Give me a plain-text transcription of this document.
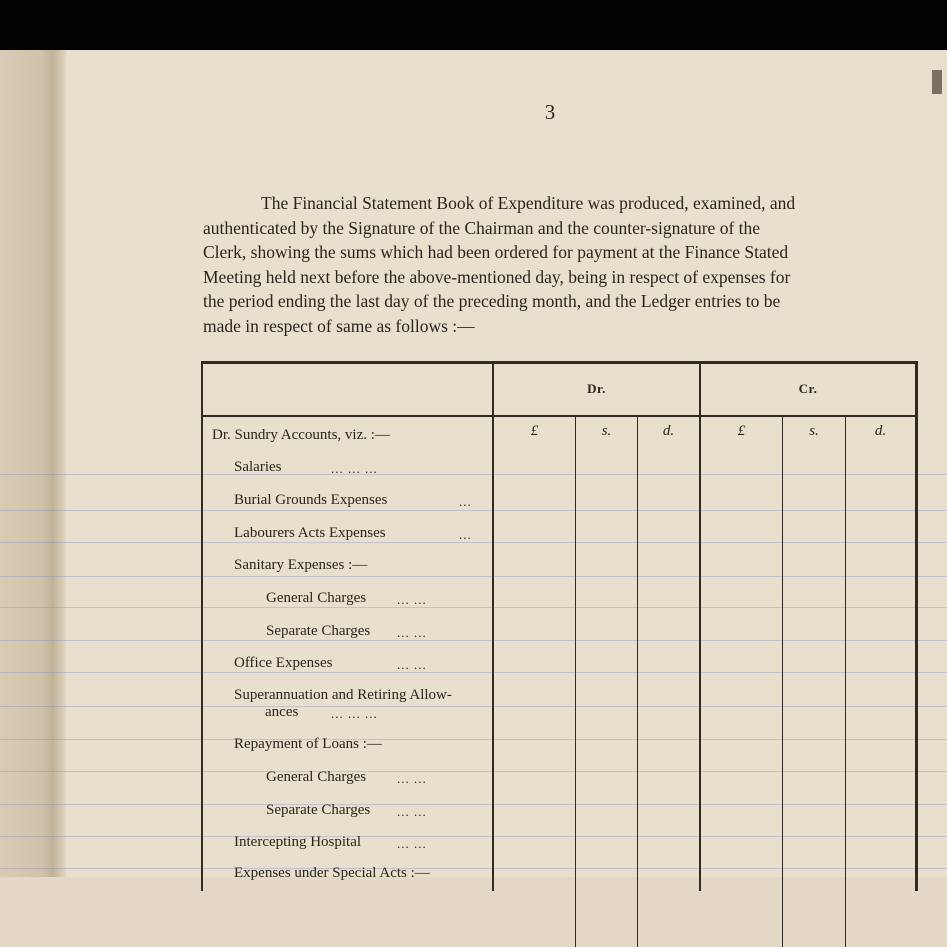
3
The Financial Statement Book of Expenditure was produced, examined, and
authenticated by the Signature of the Chairman and the counter-signature of the
Clerk, showing the sums which had been ordered for payment at the Finance Stated
Meeting held next before the above-mentioned day, being in respect of expenses for
the period ending the last day of the preceding month, and the Ledger entries to be
made in respect of same as follows :—
Dr.	Cr.
£	s.	d.	£	s.	d.
Dr. Sundry Accounts, viz. :—
Salaries	... ... ...
Burial Grounds Expenses	...
Labourers Acts Expenses	...
Sanitary Expenses :—
General Charges ... ...
Separate Charges ... ...
Office Expenses	... ...
Superannuation and Retiring Allow-
ances	... ... ...
Repayment of Loans :—
General Charges ... ...
Separate Charges ... ...
Intercepting Hospital	... ...
Expenses under Special Acts :—
